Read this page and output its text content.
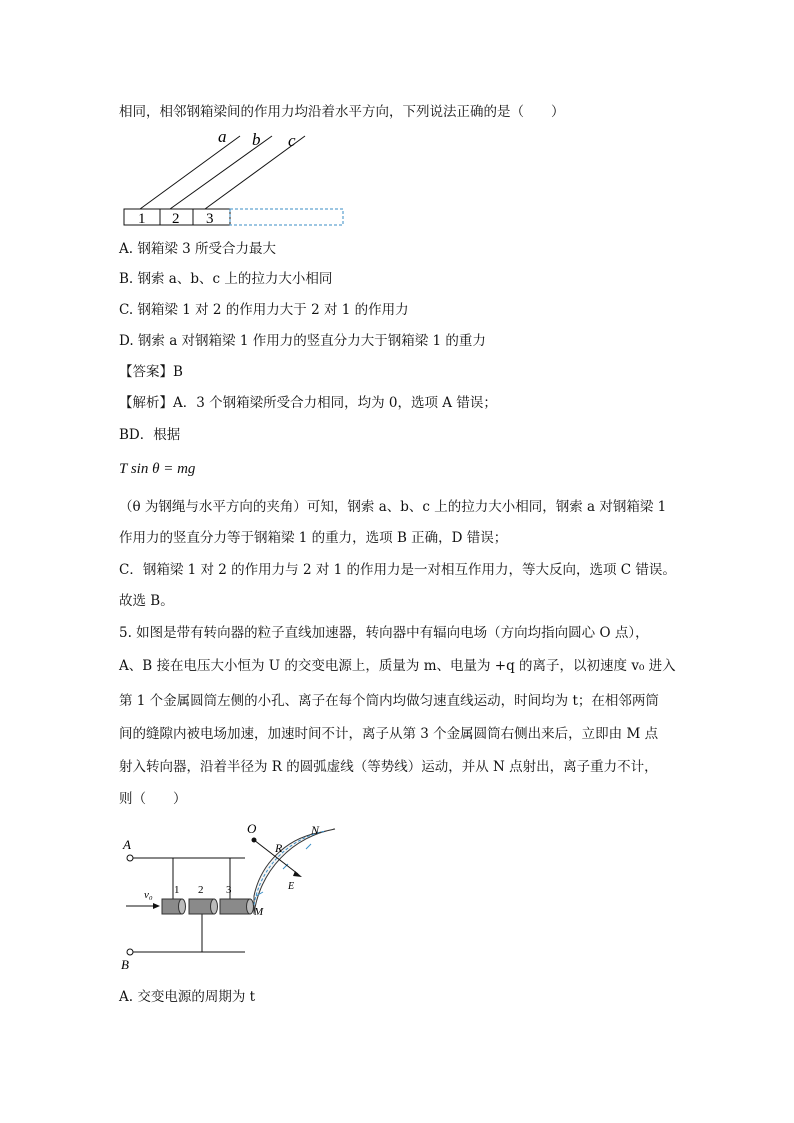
相同，相邻钢箱梁间的作用力均沿着水平方向，下列说法正确的是（　　）
a b c
1 2 3
A. 钢箱梁 3 所受合力最大
B. 钢索 a、b、c 上的拉力大小相同
C. 钢箱梁 1 对 2 的作用力大于 2 对 1 的作用力
D. 钢索 a 对钢箱梁 1 作用力的竖直分力大于钢箱梁 1 的重力
【答案】B
【解析】A．3 个钢箱梁所受合力相同，均为 0，选项 A 错误；
BD．根据
T sin θ = mg
（θ 为钢绳与水平方向的夹角）可知，钢索 a、b、c 上的拉力大小相同，钢索 a 对钢箱梁 1
作用力的竖直分力等于钢箱梁 1 的重力，选项 B 正确，D 错误；
C．钢箱梁 1 对 2 的作用力与 2 对 1 的作用力是一对相互作用力，等大反向，选项 C 错误。
故选 B。
5. 如图是带有转向器的粒子直线加速器，转向器中有辐向电场（方向均指向圆心 O 点），
A、B 接在电压大小恒为 U 的交变电源上，质量为 m、电量为 +q 的离子，以初速度 v₀ 进入
第 1 个金属圆筒左侧的小孔、离子在每个筒内均做匀速直线运动，时间均为 t；在相邻两筒
间的缝隙内被电场加速，加速时间不计，离子从第 3 个金属圆筒右侧出来后，立即由 M 点
射入转向器，沿着半径为 R 的圆弧虚线（等势线）运动，并从 N 点射出，离子重力不计，
则（　　）
A
B
v₀ 1 2 3
O
R
N
E
M
A. 交变电源的周期为 t
